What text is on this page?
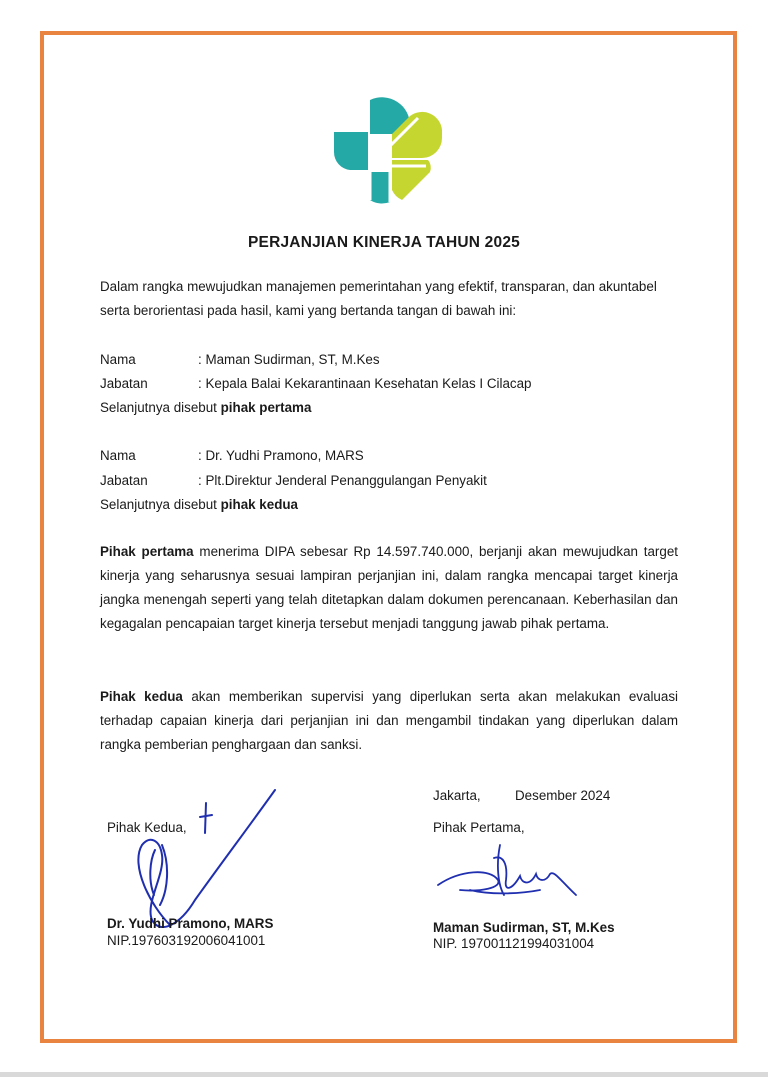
PERJANJIAN KINERJA TAHUN 2025
Dalam rangka mewujudkan manajemen pemerintahan yang efektif, transparan, dan akuntabel serta berorientasi pada hasil, kami yang bertanda tangan di bawah ini:
Nama	: Maman Sudirman, ST, M.Kes
Jabatan	: Kepala Balai Kekarantinaan Kesehatan Kelas I Cilacap
Selanjutnya disebut pihak pertama
Nama	: Dr. Yudhi Pramono, MARS
Jabatan	: Plt.Direktur Jenderal Penanggulangan Penyakit
Selanjutnya disebut pihak kedua
Pihak pertama menerima DIPA sebesar Rp 14.597.740.000, berjanji akan mewujudkan target kinerja yang seharusnya sesuai lampiran perjanjian ini, dalam rangka mencapai target kinerja jangka menengah seperti yang telah ditetapkan dalam dokumen perencanaan. Keberhasilan dan kegagalan pencapaian target kinerja tersebut menjadi tanggung jawab pihak pertama.
Pihak kedua akan memberikan supervisi yang diperlukan serta akan melakukan evaluasi terhadap capaian kinerja dari perjanjian ini dan mengambil tindakan yang diperlukan dalam rangka pemberian penghargaan dan sanksi.
Jakarta,	Desember 2024
Pihak Kedua,
Dr. Yudhi Pramono, MARS
NIP.197603192006041001
Pihak Pertama,
Maman Sudirman, ST, M.Kes
NIP. 197001121994031004
